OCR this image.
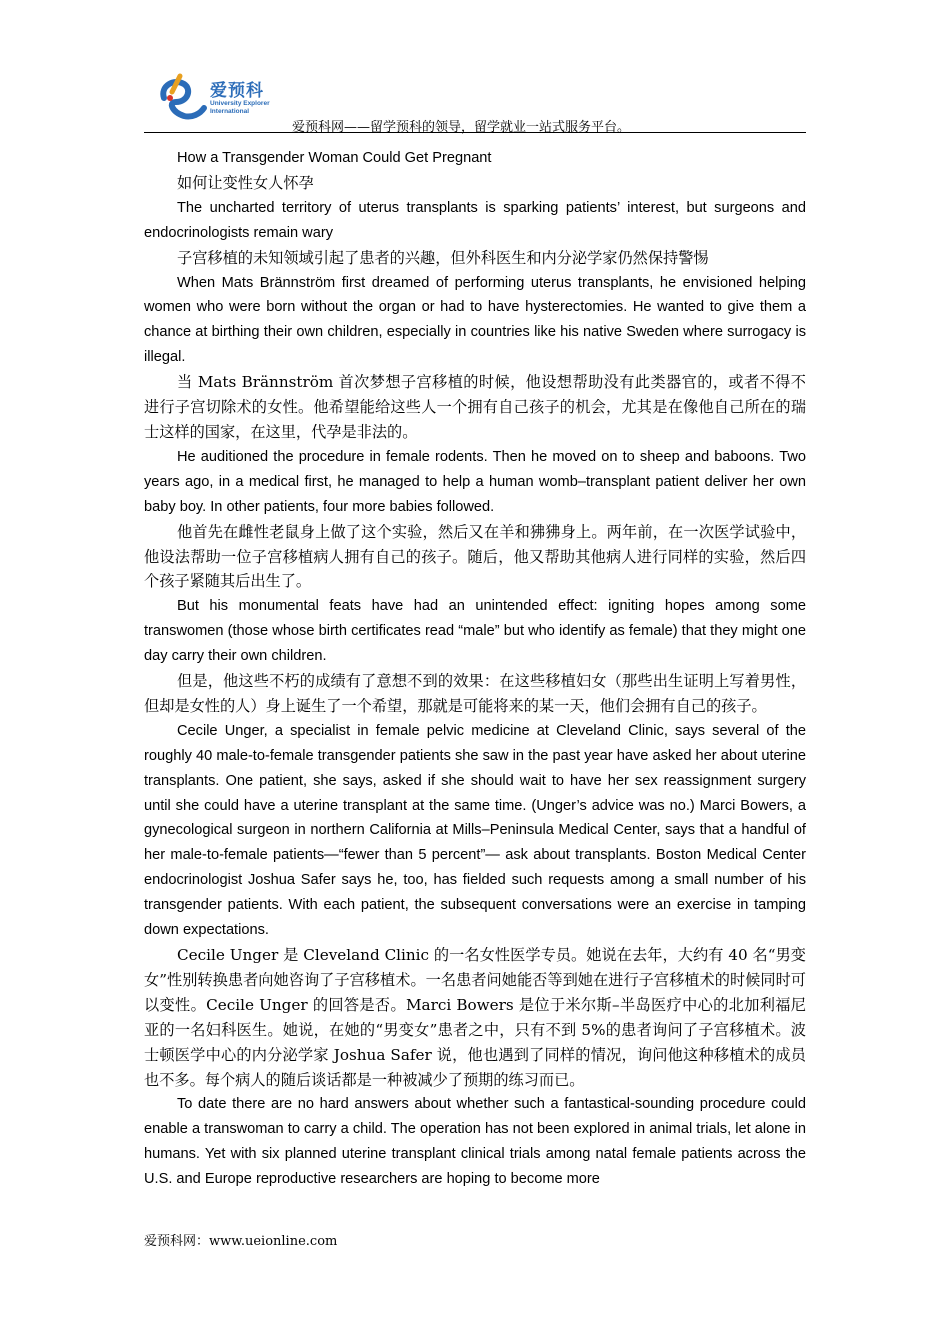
爱预科
University Explorer
International
爱预科网——留学预科的领导，留学就业一站式服务平台。

How a Transgender Woman Could Get Pregnant

如何让变性女人怀孕

The uncharted territory of uterus transplants is sparking patients’ interest, but surgeons and endocrinologists remain wary

子宫移植的未知领域引起了患者的兴趣，但外科医生和内分泌学家仍然保持警惕

When Mats Brännström first dreamed of performing uterus transplants, he envisioned helping women who were born without the organ or had to have hysterectomies. He wanted to give them a chance at birthing their own children, especially in countries like his native Sweden where surrogacy is illegal.

当 Mats Brännström 首次梦想子宫移植的时候，他设想帮助没有此类器官的，或者不得不进行子宫切除术的女性。他希望能给这些人一个拥有自己孩子的机会，尤其是在像他自己所在的瑞士这样的国家，在这里，代孕是非法的。

He auditioned the procedure in female rodents. Then he moved on to sheep and baboons. Two years ago, in a medical first, he managed to help a human womb–transplant patient deliver her own baby boy. In other patients, four more babies followed.

他首先在雌性老鼠身上做了这个实验，然后又在羊和狒狒身上。两年前，在一次医学试验中，他设法帮助一位子宫移植病人拥有自己的孩子。随后，他又帮助其他病人进行同样的实验，然后四个孩子紧随其后出生了。

But his monumental feats have had an unintended effect: igniting hopes among some transwomen (those whose birth certificates read “male” but who identify as female) that they might one day carry their own children.

但是，他这些不朽的成绩有了意想不到的效果：在这些移植妇女（那些出生证明上写着男性，但却是女性的人）身上诞生了一个希望，那就是可能将来的某一天，他们会拥有自己的孩子。

Cecile Unger, a specialist in female pelvic medicine at Cleveland Clinic, says several of the roughly 40 male-to-female transgender patients she saw in the past year have asked her about uterine transplants. One patient, she says, asked if she should wait to have her sex reassignment surgery until she could have a uterine transplant at the same time. (Unger’s advice was no.) Marci Bowers, a gynecological surgeon in northern California at Mills–Peninsula Medical Center, says that a handful of her male-to-female patients—“fewer than 5 percent”— ask about transplants. Boston Medical Center endocrinologist Joshua Safer says he, too, has fielded such requests among a small number of his transgender patients. With each patient, the subsequent conversations were an exercise in tamping down expectations.

Cecile Unger 是 Cleveland Clinic 的一名女性医学专员。她说在去年，大约有 40 名“男变女”性别转换患者向她咨询了子宫移植术。一名患者问她能否等到她在进行子宫移植术的时候同时可以变性。Cecile Unger 的回答是否。Marci Bowers 是位于米尔斯–半岛医疗中心的北加利福尼亚的一名妇科医生。她说，在她的“男变女”患者之中，只有不到 5%的患者询问了子宫移植术。波士顿医学中心的内分泌学家 Joshua Safer 说，他也遇到了同样的情况，询问他这种移植术的成员也不多。每个病人的随后谈话都是一种被减少了预期的练习而已。

To date there are no hard answers about whether such a fantastical-sounding procedure could enable a transwoman to carry a child. The operation has not been explored in animal trials, let alone in humans. Yet with six planned uterine transplant clinical trials among natal female patients across the U.S. and Europe reproductive researchers are hoping to become more

爱预科网：www.ueionline.com
